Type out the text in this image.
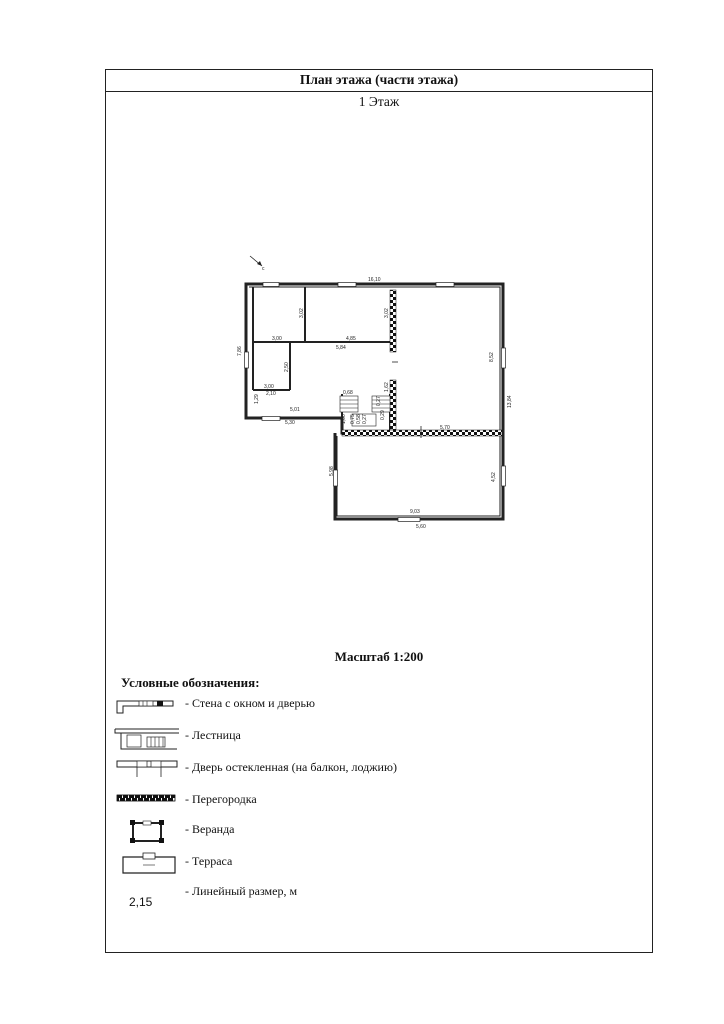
План этажа (части этажа)
1 Этаж
с
16,10
3,02	3,02
3,00	4,85
7,86	5,84
2,50
3,00
2,10
1,29
5,01
5,30
0,68
1,00 0,75 0,58 0,27
1,62
0,27
0,29
8,52
13,84
5,70
5,98
4,52
9,03
5,60
Масштаб 1:200
Условные обозначения:
- Стена с окном и дверью
- Лестница
- Дверь остекленная (на балкон, лоджию)
- Перегородка
- Веранда
- Терраса
2,15
- Линейный размер, м
